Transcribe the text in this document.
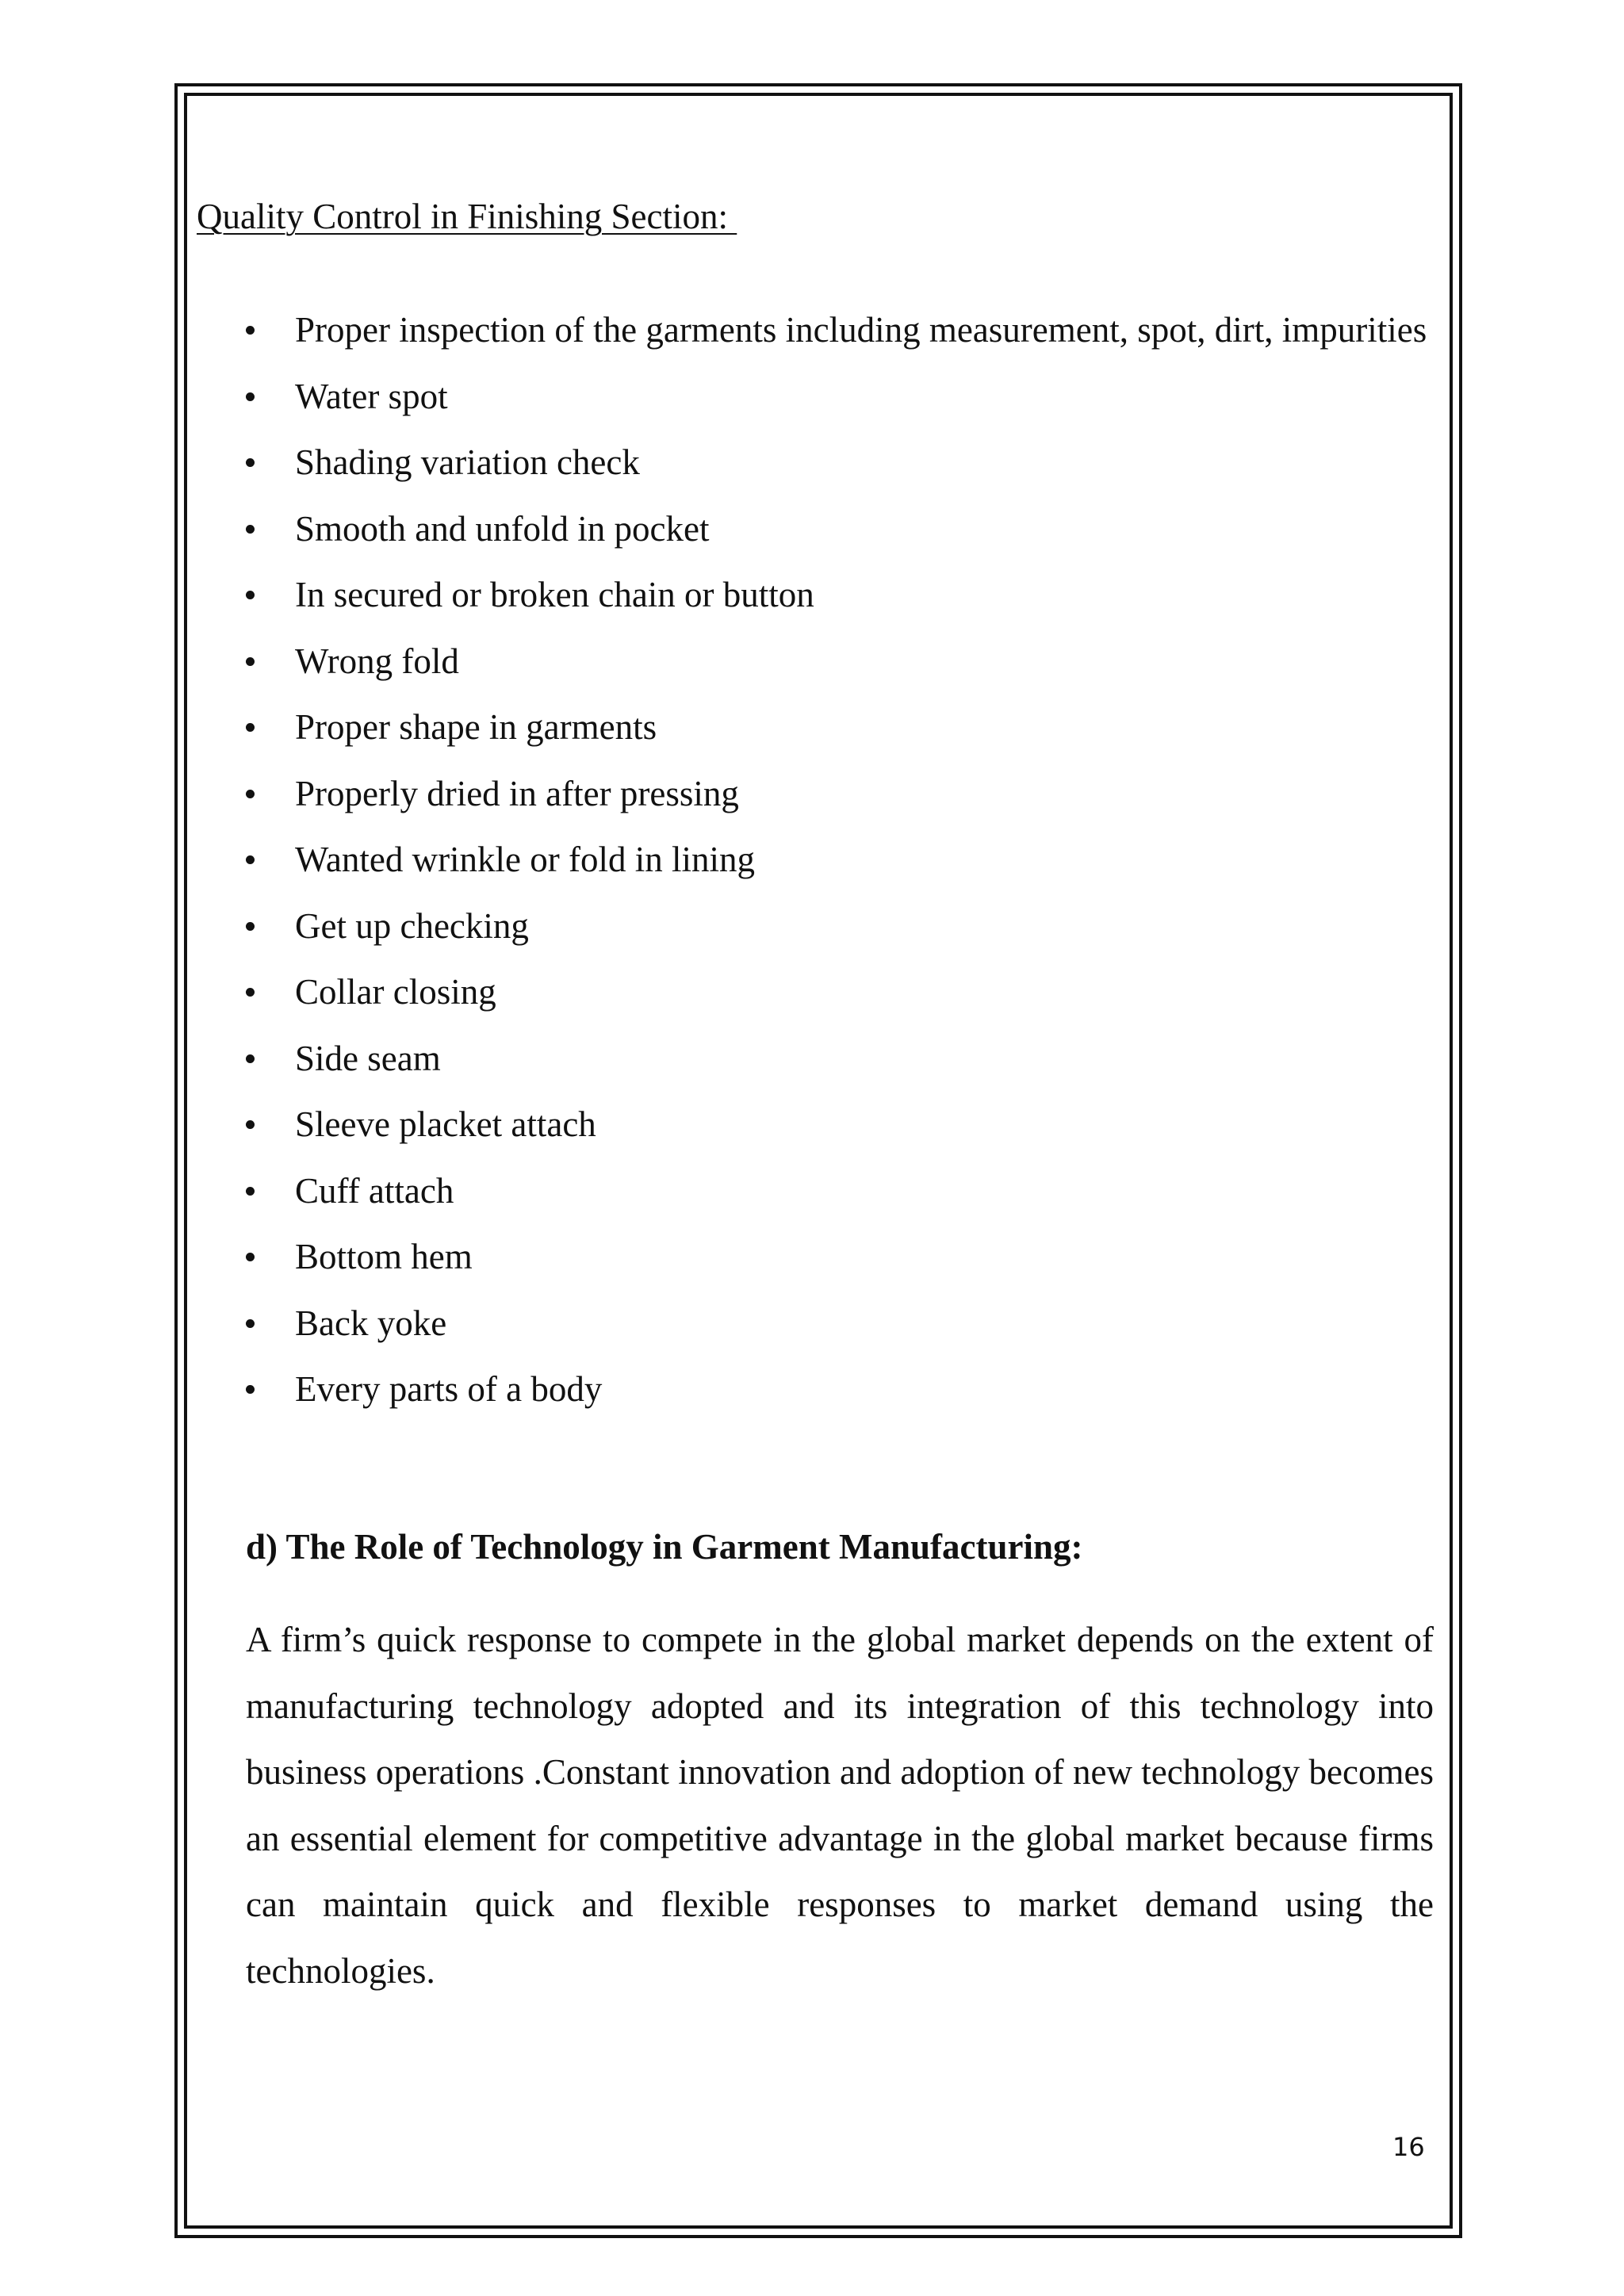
Quality Control in Finishing Section:
Proper inspection of the garments including measurement, spot, dirt, impurities
Water spot
Shading variation check
Smooth and unfold in pocket
In secured or broken chain or button
Wrong fold
Proper shape in garments
Properly dried in after pressing
Wanted wrinkle or fold in lining
Get up checking
Collar closing
Side seam
Sleeve placket attach
Cuff attach
Bottom hem
Back yoke
Every parts of a body
d) The Role of Technology in Garment Manufacturing:

A firm’s quick response to compete in the global market depends on the extent of manufacturing technology adopted and its integration of this technology into business operations .Constant innovation and adoption of new technology becomes an essential element for competitive advantage in the global market because firms can maintain quick and flexible responses to market demand using the technologies.

16
